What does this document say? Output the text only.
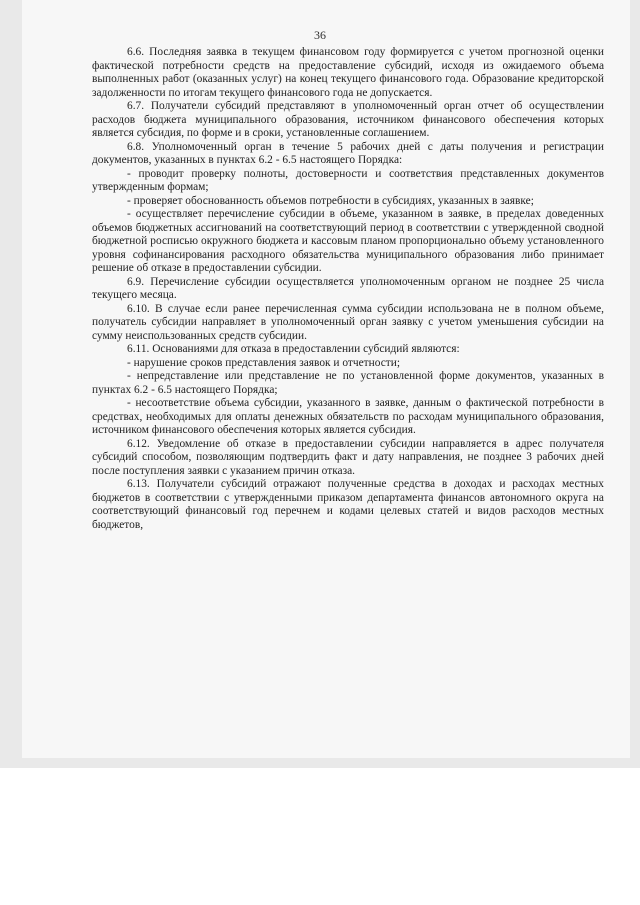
36

6.6. Последняя заявка в текущем финансовом году формируется с учетом прогнозной оценки фактической потребности средств на предоставление субсидий, исходя из ожидаемого объема выполненных работ (оказанных услуг) на конец текущего финансового года. Образование кредиторской задолженности по итогам текущего финансового года не допускается.

6.7. Получатели субсидий представляют в уполномоченный орган отчет об осуществлении расходов бюджета муниципального образования, источником финансового обеспечения которых является субсидия, по форме и в сроки, установленные соглашением.

6.8. Уполномоченный орган в течение 5 рабочих дней с даты получения и регистрации документов, указанных в пунктах 6.2 - 6.5 настоящего Порядка:

- проводит проверку полноты, достоверности и соответствия представленных документов утвержденным формам;

- проверяет обоснованность объемов потребности в субсидиях, указанных в заявке;

- осуществляет перечисление субсидии в объеме, указанном в заявке, в пределах доведенных объемов бюджетных ассигнований на соответствующий период в соответствии с утвержденной сводной бюджетной росписью окружного бюджета и кассовым планом пропорционально объему установленного уровня софинансирования расходного обязательства муниципального образования либо принимает решение об отказе в предоставлении субсидии.

6.9. Перечисление субсидии осуществляется уполномоченным органом не позднее 25 числа текущего месяца.

6.10. В случае если ранее перечисленная сумма субсидии использована не в полном объеме, получатель субсидии направляет в уполномоченный орган заявку с учетом уменьшения субсидии на сумму неиспользованных средств субсидии.

6.11. Основаниями для отказа в предоставлении субсидий являются:

- нарушение сроков представления заявок и отчетности;

- непредставление или представление не по установленной форме документов, указанных в пунктах 6.2 - 6.5 настоящего Порядка;

- несоответствие объема субсидии, указанного в заявке, данным о фактической потребности в средствах, необходимых для оплаты денежных обязательств по расходам муниципального образования, источником финансового обеспечения которых является субсидия.

6.12. Уведомление об отказе в предоставлении субсидии направляется в адрес получателя субсидий способом, позволяющим подтвердить факт и дату направления, не позднее 3 рабочих дней после поступления заявки с указанием причин отказа.

6.13. Получатели субсидий отражают полученные средства в доходах и расходах местных бюджетов в соответствии с утвержденными приказом департамента финансов автономного округа на соответствующий финансовый год перечнем и кодами целевых статей и видов расходов местных бюджетов,
